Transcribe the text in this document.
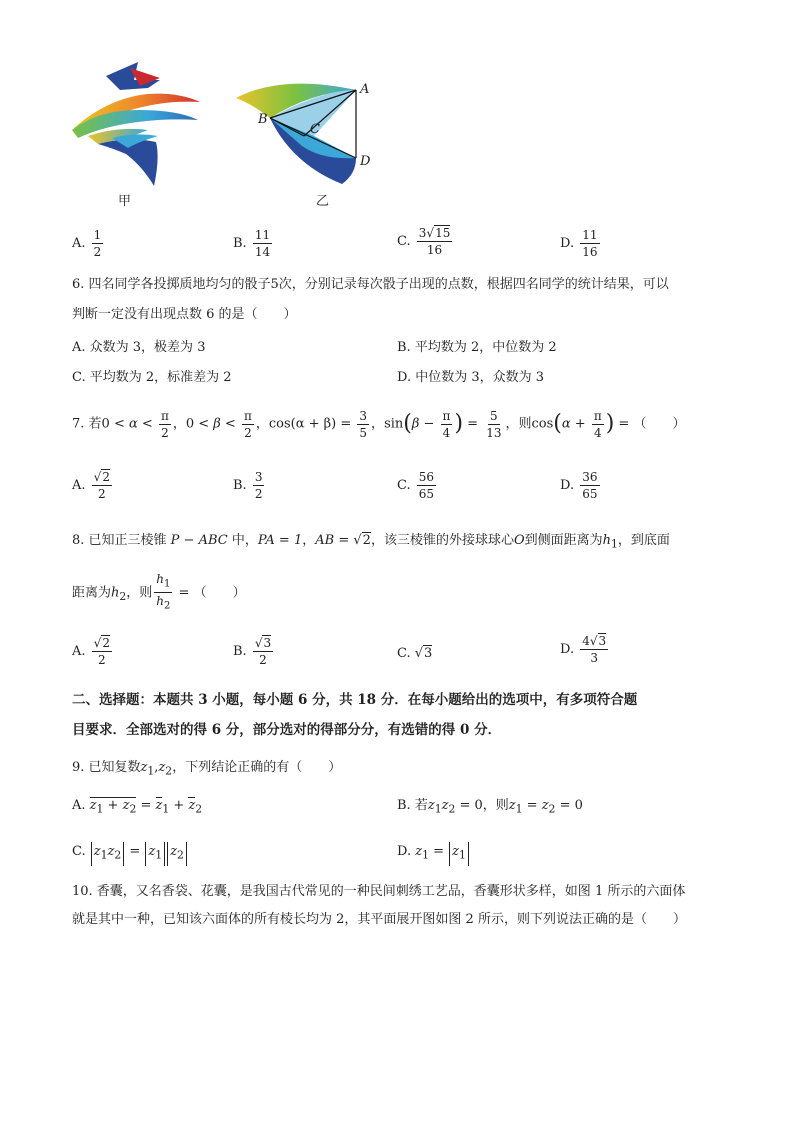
甲
A
B
C
D
乙
A. $\frac{1}{2}$	B. $\frac{11}{14}$	C. $\frac{3√15}{16}$	D. $\frac{11}{16}$
6. 四名同学各投掷质地均匀的骰子5次，分别记录每次骰子出现的点数，根据四名同学的统计结果，可以
判断一定没有出现点数 6 的是（　　）
A. 众数为 3，极差为 3	B. 平均数为 2，中位数为 2
C. 平均数为 2，标准差为 2	D. 中位数为 3，众数为 3
7. 若$0 < \alpha < \frac{\pi}{2}$ ，$0 < \beta < \frac{\pi}{2}$ ，$\cos(\alpha + \beta) = \frac{3}{5}$ ，$\sin(\beta - \frac{\pi}{4}$ ) = $\frac{5}{13}$ ，则$\cos(\alpha + \frac{\pi}{4}$ ) = （　　）
A. $\frac{√2}{2}$	B. $\frac{3}{2}$	C. $\frac{56}{65}$	D. $\frac{36}{65}$
8. 已知正三棱锥 P − ABC 中，PA = 1，AB = √2，该三棱锥的外接球球心O到侧面距离为$h_1$，到底面
距离为$h_2$，则 $\frac{h_1}{h_2}$ = （　　）
A. $\frac{√2}{2}$	B. $\frac{√3}{2}$	C. √3	D. $\frac{4√3}{3}$
二、选择题：本题共 3 小题，每小题 6 分，共 18 分．在每小题给出的选项中，有多项符合题
目要求．全部选对的得 6 分，部分选对的得部分分，有选错的得 0 分．
9. 已知复数$z_1,z_2$，下列结论正确的有（　　）
A. $z_1 + z_2 = z_1 + z_2$	B. 若$z_1z_2 = 0$，则$z_1 = z_2 = 0$
C. $z_1z_2 = z_1$ $z_2$	D. $z_1 = z_1$
10. 香囊，又名香袋、花囊，是我国古代常见的一种民间刺绣工艺品，香囊形状多样，如图 1 所示的六面体
就是其中一种，已知该六面体的所有棱长均为 2，其平面展开图如图 2 所示，则下列说法正确的是（　　）
